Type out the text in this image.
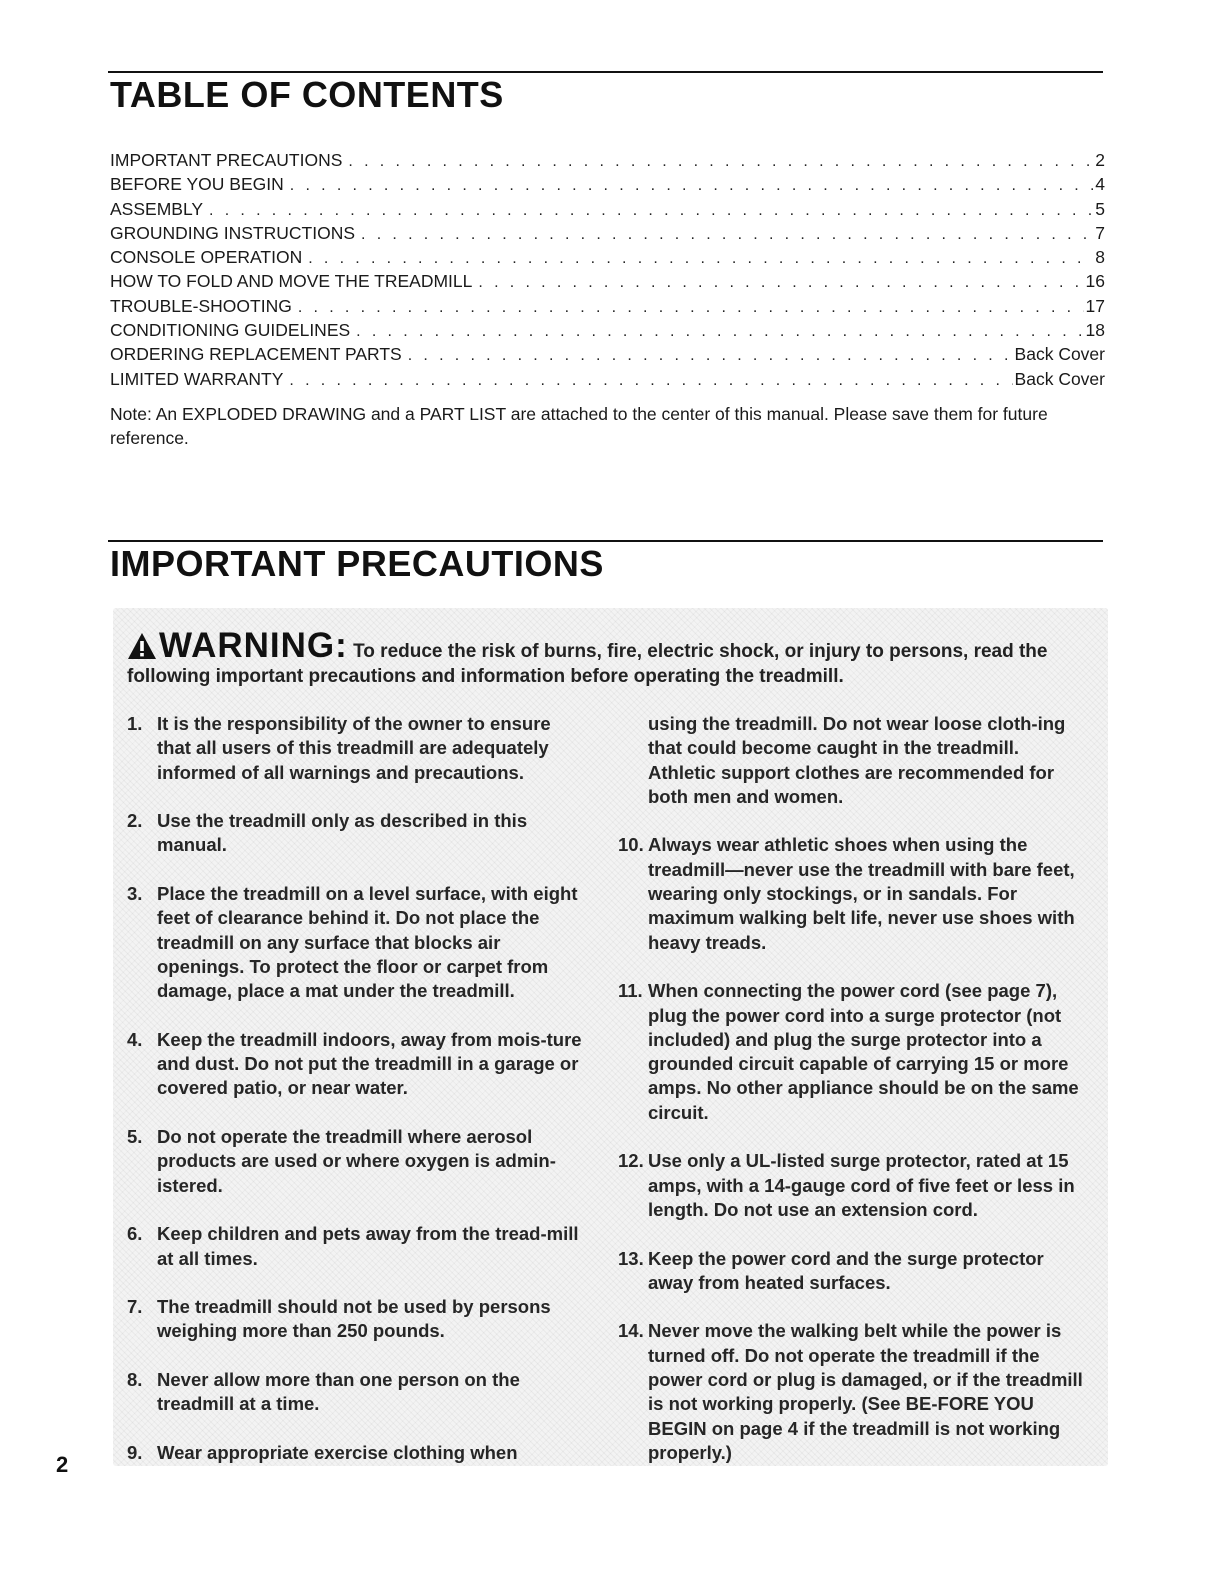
TABLE OF CONTENTS
IMPORTANT PRECAUTIONS . . .	2
BEFORE YOU BEGIN . . .	4
ASSEMBLY . . .	5
GROUNDING INSTRUCTIONS . . .	7
CONSOLE OPERATION . . .	8
HOW TO FOLD AND MOVE THE TREADMILL . . .	16
TROUBLE-SHOOTING . . .	17
CONDITIONING GUIDELINES . . .	18
ORDERING REPLACEMENT PARTS . . .	Back Cover
LIMITED WARRANTY . . .	Back Cover

Note: An EXPLODED DRAWING and a PART LIST are attached to the center of this manual. Please save them for future reference.

IMPORTANT PRECAUTIONS

WARNING: To reduce the risk of burns, fire, electric shock, or injury to persons, read the following important precautions and information before operating the treadmill.

1. It is the responsibility of the owner to ensure that all users of this treadmill are adequately informed of all warnings and precautions.
2. Use the treadmill only as described in this manual.
3. Place the treadmill on a level surface, with eight feet of clearance behind it. Do not place the treadmill on any surface that blocks air openings. To protect the floor or carpet from damage, place a mat under the treadmill.
4. Keep the treadmill indoors, away from mois-ture and dust. Do not put the treadmill in a garage or covered patio, or near water.
5. Do not operate the treadmill where aerosol products are used or where oxygen is admin-istered.
6. Keep children and pets away from the tread-mill at all times.
7. The treadmill should not be used by persons weighing more than 250 pounds.
8. Never allow more than one person on the treadmill at a time.
9. Wear appropriate exercise clothing when
using the treadmill. Do not wear loose cloth-ing that could become caught in the treadmill. Athletic support clothes are recommended for both men and women.
10. Always wear athletic shoes when using the treadmill—never use the treadmill with bare feet, wearing only stockings, or in sandals. For maximum walking belt life, never use shoes with heavy treads.
11. When connecting the power cord (see page 7), plug the power cord into a surge protector (not included) and plug the surge protector into a grounded circuit capable of carrying 15 or more amps. No other appliance should be on the same circuit.
12. Use only a UL-listed surge protector, rated at 15 amps, with a 14-gauge cord of five feet or less in length. Do not use an extension cord.
13. Keep the power cord and the surge protector away from heated surfaces.
14. Never move the walking belt while the power is turned off. Do not operate the treadmill if the power cord or plug is damaged, or if the treadmill is not working properly. (See BE-FORE YOU BEGIN on page 4 if the treadmill is not working properly.)
2
